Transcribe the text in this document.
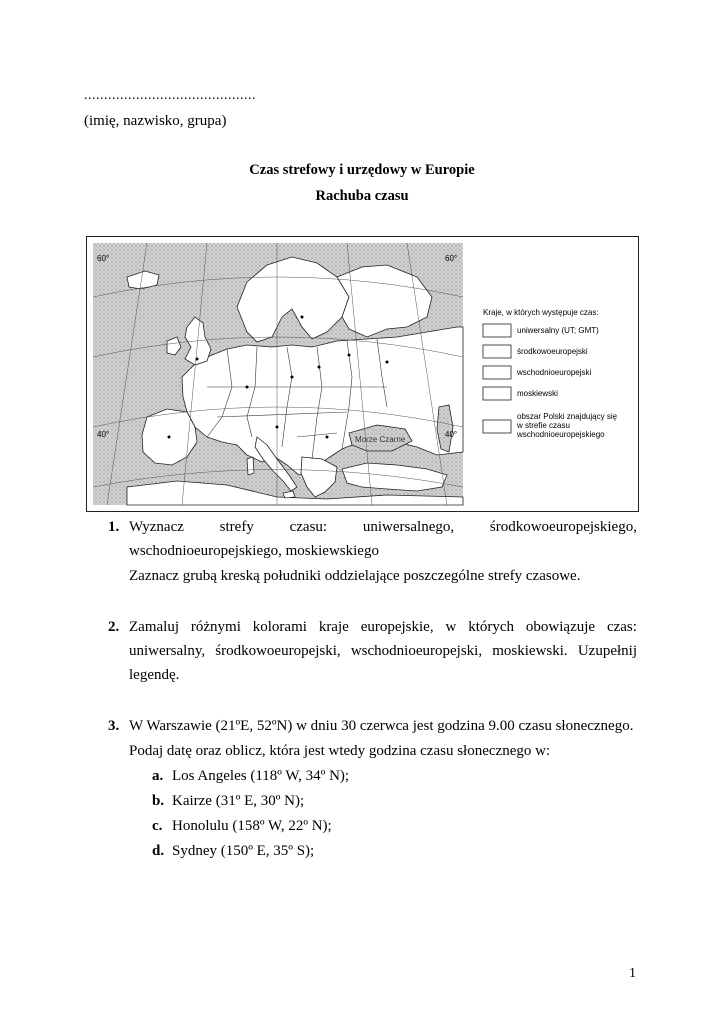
...........................................
(imię, nazwisko, grupa)
Czas strefowy i urzędowy w Europie
Rachuba czasu
Morze Czarne
60°
40°
60°
40°
Kraje, w których występuje czas:
uniwersalny (UT; GMT)
środkowoeuropejski
wschodnioeuropejski
moskiewski
obszar Polski znajdujący się
w strefie czasu
wschodnioeuropejskiego
1. Wyznacz strefy czasu: uniwersalnego, środkowoeuropejskiego,
wschodnioeuropejskiego, moskiewskiego
Zaznacz grubą kreską południki oddzielające poszczególne strefy czasowe.
2. Zamaluj różnymi kolorami kraje europejskie, w których obowiązuje czas:
uniwersalny, środkowoeuropejski, wschodnioeuropejski, moskiewski. Uzupełnij
legendę.
3. W Warszawie (21ºE, 52ºN) w dniu 30 czerwca jest godzina 9.00 czasu słonecznego.
Podaj datę oraz oblicz, która jest wtedy godzina czasu słonecznego w:
a. Los Angeles (118º W, 34º N);
b. Kairze (31º E, 30º N);
c. Honolulu (158º W, 22º N);
d. Sydney (150º E, 35º S);
1
